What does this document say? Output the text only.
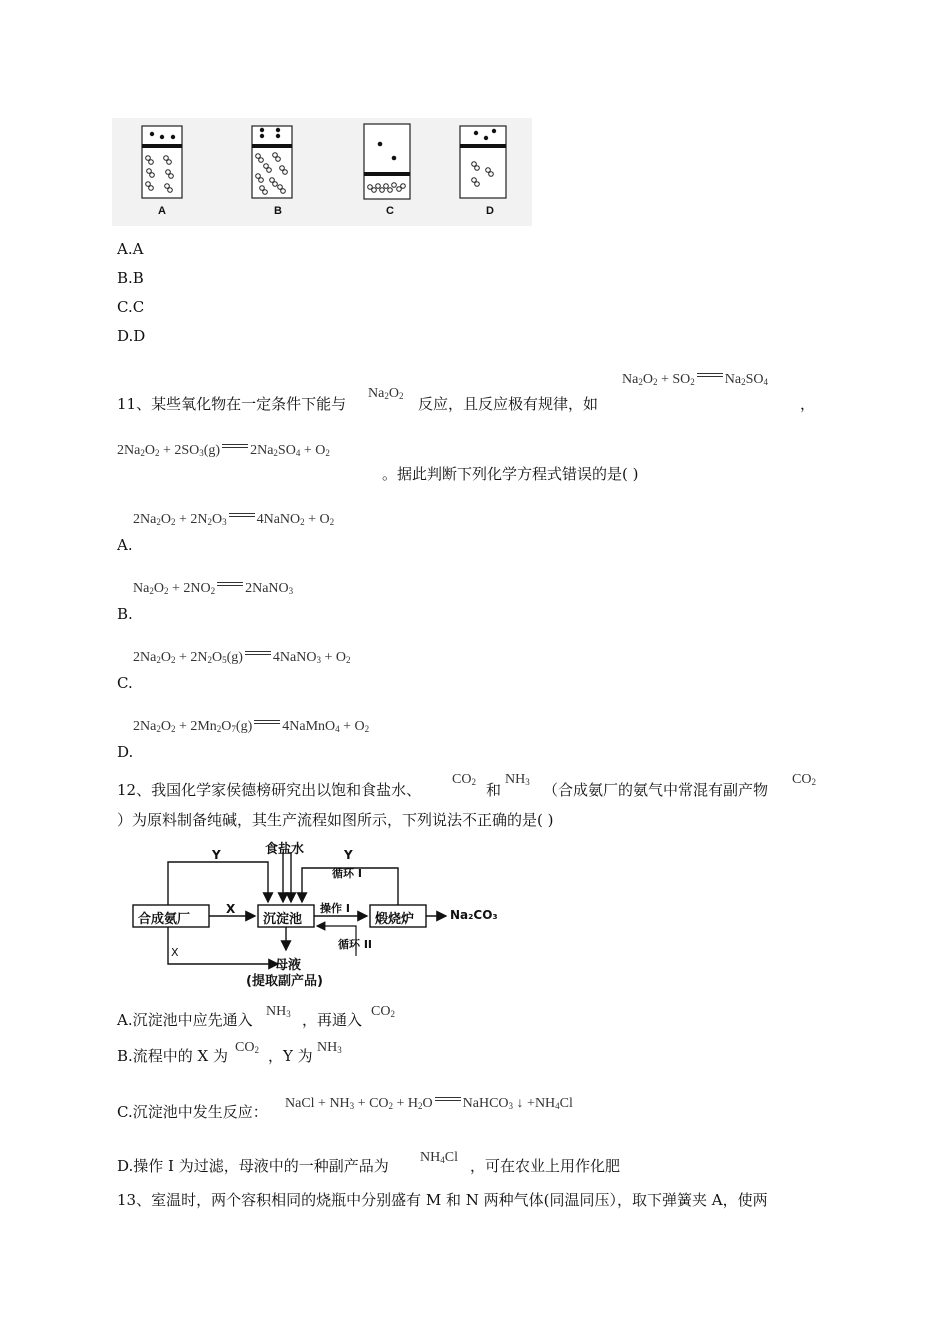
A	B	C	D
A.A
B.B
C.C
D.D
$Na_2O_2 + SO_2$ $Na_2SO_4$
11、某些氧化物在一定条件下能与
$Na_2O_2$ 反应，且反应极有规律，如	，
$2Na_2O_2 + 2SO_3(g) 2Na_2SO_4 + O_2$
。据此判断下列化学方程式错误的是( )
$2Na_2O_2 + 2N_2O_3$ 4NaNO$_2$ + $O_2$
A.
$Na_2O_2 + 2NO_2$ 2NaNO$_3$
B.
$2Na_2O_2 + 2N_2O_5(g)$ 4NaNO$_3$ + $O_2$
C.
$2Na_2O_2 + 2Mn_2O_7(g)$ 4NaMnO$_4$ + $O_2$
D.
12、我国化学家侯德榜研究出以饱和食盐水、
$CO_2$ 和
$NH_3$ （合成氨厂的氨气中常混有副产物
$CO_2$
）为原料制备纯碱，其生产流程如图所示，下列说法不正确的是( )
X
食盐水
Y	Y
循环 I
合成氨厂
X
沉淀池
操作 I
煅烧炉	Na₂CO₃
循环 II
母液
(提取副产品)
A.沉淀池中应先通入 $NH_3$ ，再通入 $CO_2$
B.流程中的 X 为 $CO_2$ ，Y 为 $NH_3$
C.沉淀池中发生反应： NaCl + $NH_3 + CO_2 + H_2O$ NaHCO$_3$ ↓ $+NH_4Cl$
D.操作 I 为过滤，母液中的一种副产品为 $NH_4Cl$ ，可在农业上用作化肥
13、室温时，两个容积相同的烧瓶中分别盛有 M 和 N 两种气体(同温同压），取下弹簧夹 A，使两
